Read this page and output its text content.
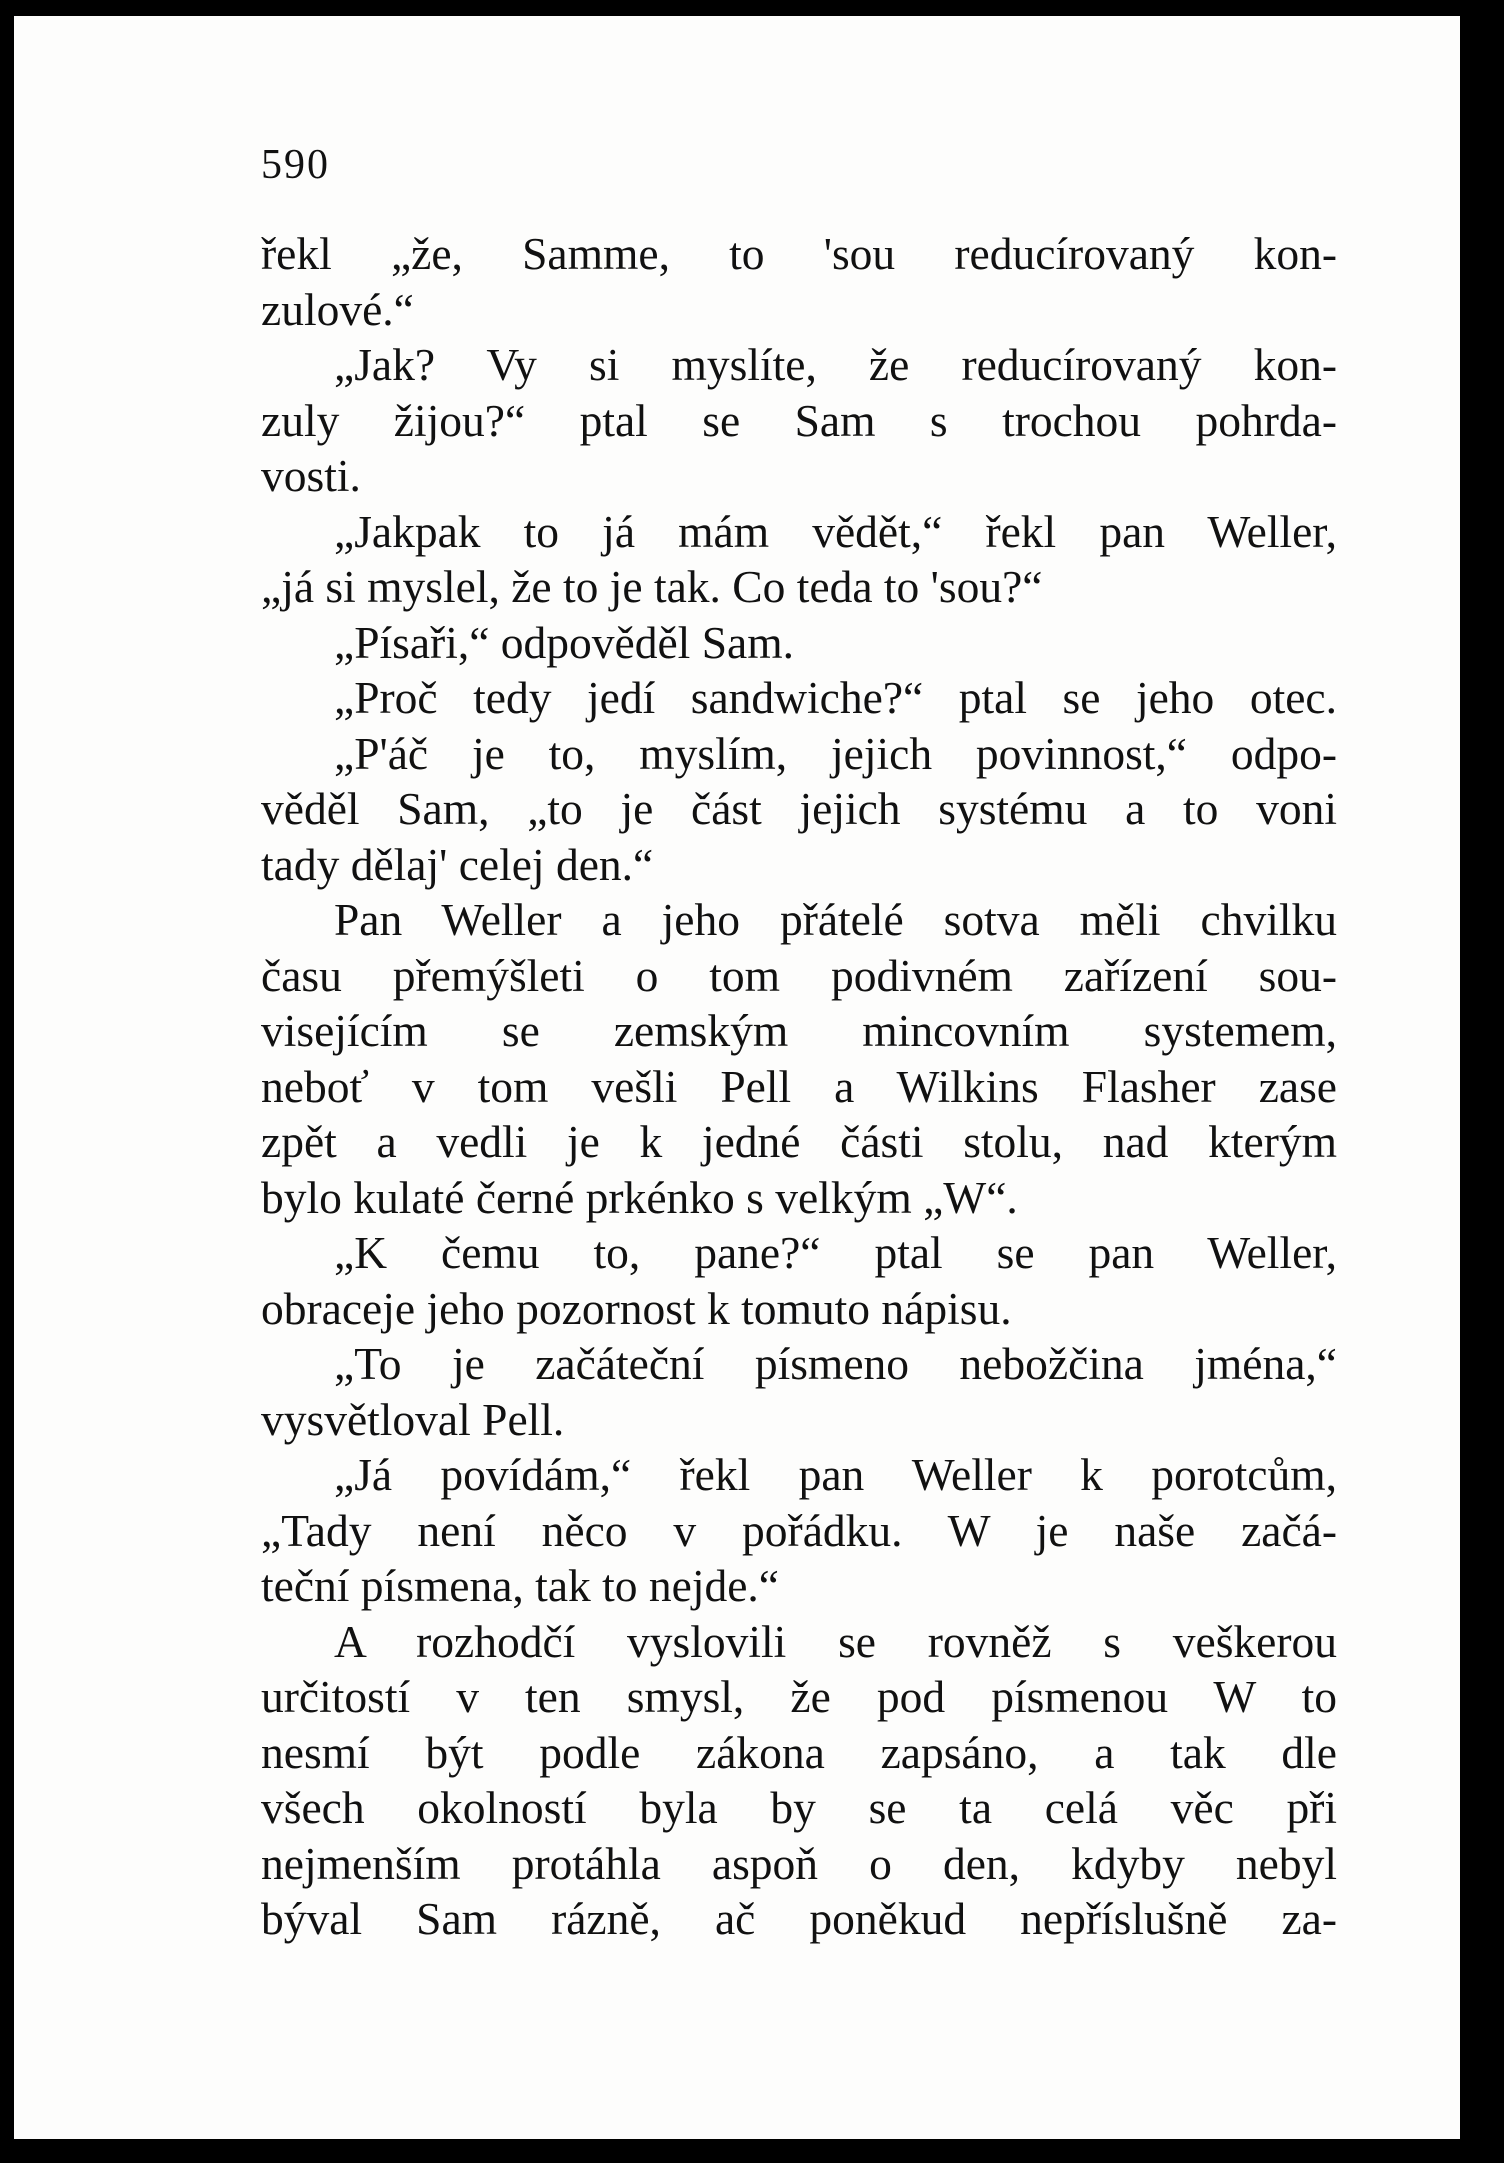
590
řekl „že, Samme, to 'sou reducírovaný kon-
zulové.“
„Jak? Vy si myslíte, že reducírovaný kon-
zuly žijou?“ ptal se Sam s trochou pohrda-
vosti.
„Jakpak to já mám vědět,“ řekl pan Weller,
„já si myslel, že to je tak. Co teda to 'sou?“
„Písaři,“ odpověděl Sam.
„Proč tedy jedí sandwiche?“ ptal se jeho otec.
„P'áč je to, myslím, jejich povinnost,“ odpo-
věděl Sam, „to je část jejich systému a to voni
tady dělaj' celej den.“
Pan Weller a jeho přátelé sotva měli chvilku
času přemýšleti o tom podivném zařízení sou-
visejícím se zemským mincovním systemem,
neboť v tom vešli Pell a Wilkins Flasher zase
zpět a vedli je k jedné části stolu, nad kterým
bylo kulaté černé prkénko s velkým „W“.
„K čemu to, pane?“ ptal se pan Weller,
obraceje jeho pozornost k tomuto nápisu.
„To je začáteční písmeno nebožčina jména,“
vysvětloval Pell.
„Já povídám,“ řekl pan Weller k porotcům,
„Tady není něco v pořádku. W je naše začá-
teční písmena, tak to nejde.“
A rozhodčí vyslovili se rovněž s veškerou
určitostí v ten smysl, že pod písmenou W to
nesmí být podle zákona zapsáno, a tak dle
všech okolností byla by se ta celá věc při
nejmenším protáhla aspoň o den, kdyby nebyl
býval Sam rázně, ač poněkud nepříslušně za-
